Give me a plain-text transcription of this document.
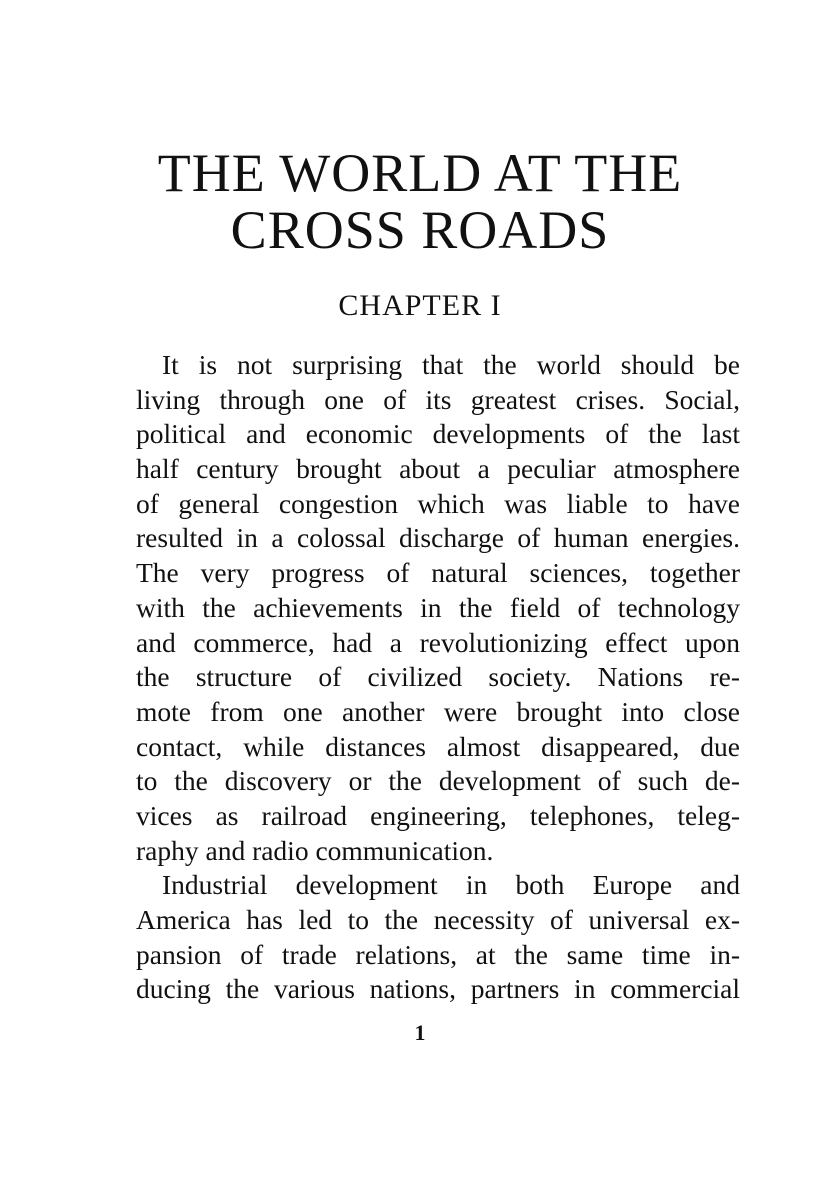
THE WORLD AT THE
CROSS ROADS
CHAPTER I
It is not surprising that the world should be
living through one of its greatest crises. Social,
political and economic developments of the last
half century brought about a peculiar atmosphere
of general congestion which was liable to have
resulted in a colossal discharge of human energies.
The very progress of natural sciences, together
with the achievements in the field of technology
and commerce, had a revolutionizing effect upon
the structure of civilized society. Nations re-
mote from one another were brought into close
contact, while distances almost disappeared, due
to the discovery or the development of such de-
vices as railroad engineering, telephones, teleg-
raphy and radio communication.
Industrial development in both Europe and
America has led to the necessity of universal ex-
pansion of trade relations, at the same time in-
ducing the various nations, partners in commercial
1
